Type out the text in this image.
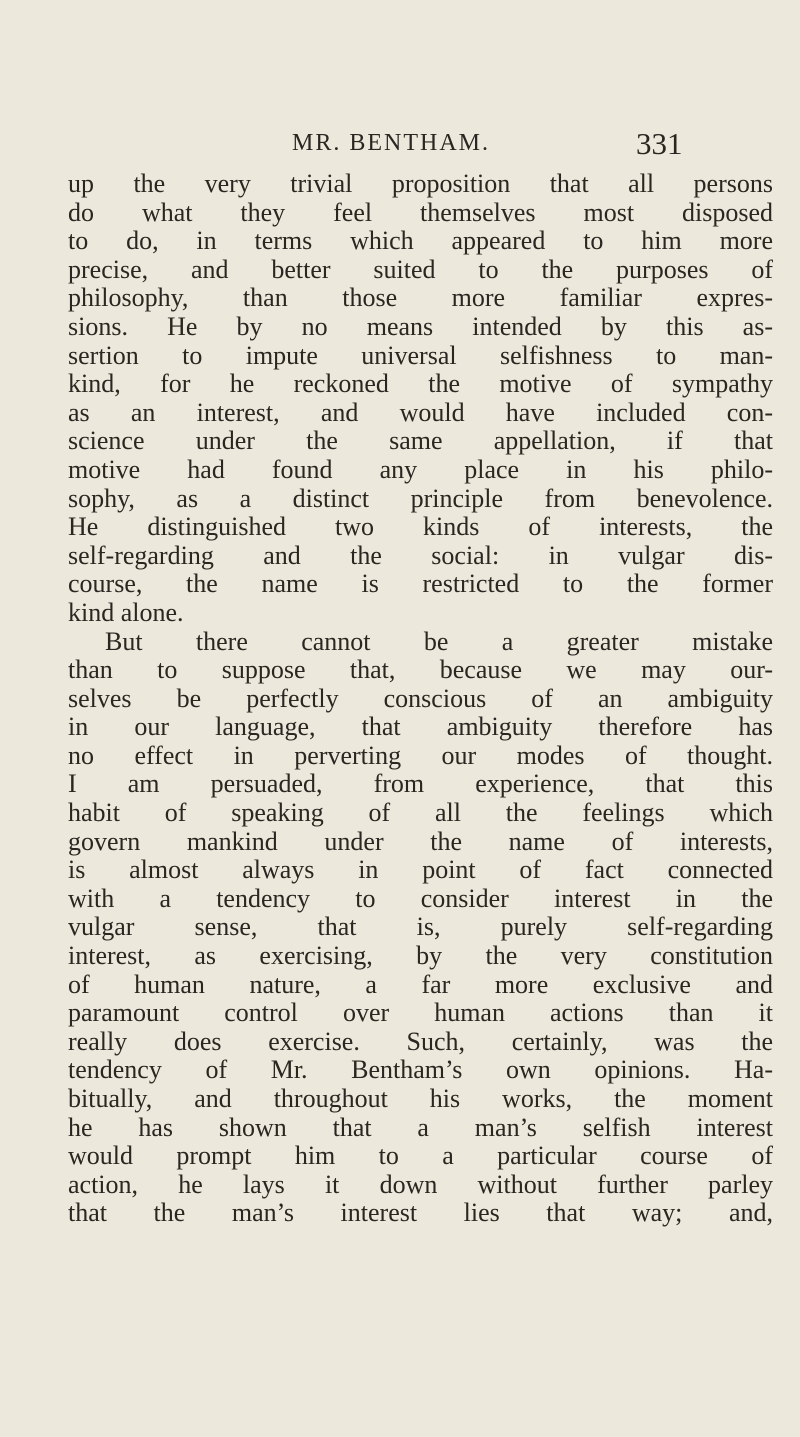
MR. BENTHAM.	331
up the very trivial proposition that all persons
do what they feel themselves most disposed
to do, in terms which appeared to him more
precise, and better suited to the purposes of
philosophy, than those more familiar expres-
sions. He by no means intended by this as-
sertion to impute universal selfishness to man-
kind, for he reckoned the motive of sympathy
as an interest, and would have included con-
science under the same appellation, if that
motive had found any place in his philo-
sophy, as a distinct principle from benevolence.
He distinguished two kinds of interests, the
self-regarding and the social: in vulgar dis-
course, the name is restricted to the former
kind alone.
But there cannot be a greater mistake
than to suppose that, because we may our-
selves be perfectly conscious of an ambiguity
in our language, that ambiguity therefore has
no effect in perverting our modes of thought.
I am persuaded, from experience, that this
habit of speaking of all the feelings which
govern mankind under the name of interests,
is almost always in point of fact connected
with a tendency to consider interest in the
vulgar sense, that is, purely self-regarding
interest, as exercising, by the very constitution
of human nature, a far more exclusive and
paramount control over human actions than it
really does exercise. Such, certainly, was the
tendency of Mr. Bentham’s own opinions. Ha-
bitually, and throughout his works, the moment
he has shown that a man’s selfish interest
would prompt him to a particular course of
action, he lays it down without further parley
that the man’s interest lies that way; and,
